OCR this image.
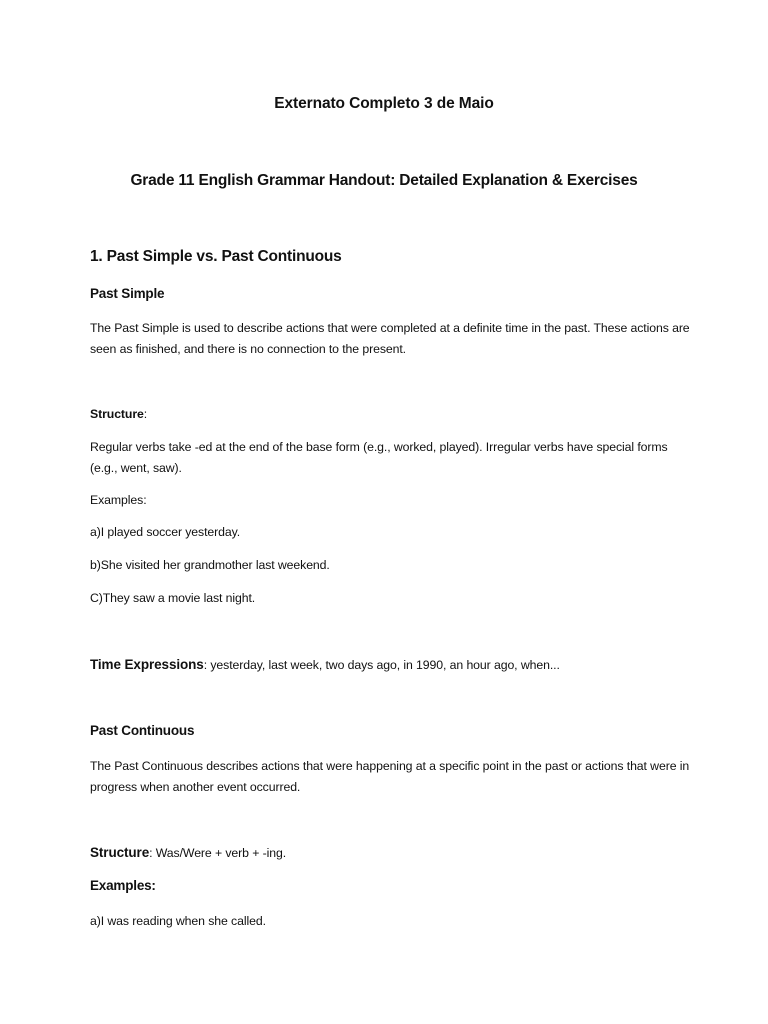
Externato Completo 3 de Maio

Grade 11 English Grammar Handout: Detailed Explanation & Exercises

1. Past Simple vs. Past Continuous

Past Simple

The Past Simple is used to describe actions that were completed at a definite time in the past. These actions are seen as finished, and there is no connection to the present.

Structure:

Regular verbs take -ed at the end of the base form (e.g., worked, played). Irregular verbs have special forms (e.g., went, saw).

Examples:

a)I played soccer yesterday.

b)She visited her grandmother last weekend.

C)They saw a movie last night.

Time Expressions: yesterday, last week, two days ago, in 1990, an hour ago, when...

Past Continuous

The Past Continuous describes actions that were happening at a specific point in the past or actions that were in progress when another event occurred.

Structure: Was/Were + verb + -ing.

Examples:

a)I was reading when she called.
